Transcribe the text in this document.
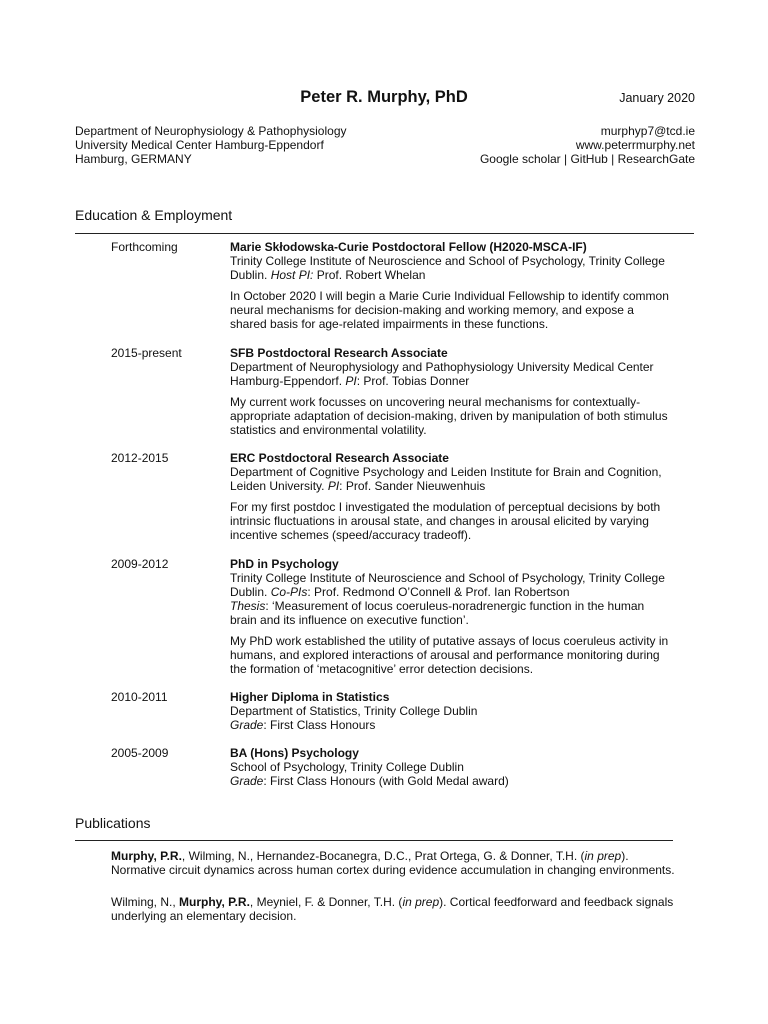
Peter R. Murphy, PhD	January 2020
Department of Neurophysiology & Pathophysiology
University Medical Center Hamburg-Eppendorf
Hamburg, GERMANY
murphyp7@tcd.ie
www.peterrmurphy.net
Google scholar | GitHub | ResearchGate
Education & Employment
Forthcoming	Marie Skłodowska-Curie Postdoctoral Fellow (H2020-MSCA-IF)

Trinity College Institute of Neuroscience and School of Psychology, Trinity College Dublin. Host PI: Prof. Robert Whelan

In October 2020 I will begin a Marie Curie Individual Fellowship to identify common neural mechanisms for decision-making and working memory, and expose a shared basis for age-related impairments in these functions.

2015-present	SFB Postdoctoral Research Associate

Department of Neurophysiology and Pathophysiology University Medical Center Hamburg-Eppendorf. PI: Prof. Tobias Donner

My current work focusses on uncovering neural mechanisms for contextually-appropriate adaptation of decision-making, driven by manipulation of both stimulus statistics and environmental volatility.

2012-2015	ERC Postdoctoral Research Associate

Department of Cognitive Psychology and Leiden Institute for Brain and Cognition, Leiden University. PI: Prof. Sander Nieuwenhuis

For my first postdoc I investigated the modulation of perceptual decisions by both intrinsic fluctuations in arousal state, and changes in arousal elicited by varying incentive schemes (speed/accuracy tradeoff).

2009-2012	PhD in Psychology

Trinity College Institute of Neuroscience and School of Psychology, Trinity College Dublin. Co-PIs: Prof. Redmond O’Connell & Prof. Ian Robertson

Thesis: ‘Measurement of locus coeruleus-noradrenergic function in the human brain and its influence on executive function’.

My PhD work established the utility of putative assays of locus coeruleus activity in humans, and explored interactions of arousal and performance monitoring during the formation of ‘metacognitive’ error detection decisions.

2010-2011	Higher Diploma in Statistics

Department of Statistics, Trinity College Dublin

Grade: First Class Honours

2005-2009	BA (Hons) Psychology

School of Psychology, Trinity College Dublin

Grade: First Class Honours (with Gold Medal award)

Publications
Murphy, P.R., Wilming, N., Hernandez-Bocanegra, D.C., Prat Ortega, G. & Donner, T.H. (in prep). Normative circuit dynamics across human cortex during evidence accumulation in changing environments.
Wilming, N., Murphy, P.R., Meyniel, F. & Donner, T.H. (in prep). Cortical feedforward and feedback signals underlying an elementary decision.
